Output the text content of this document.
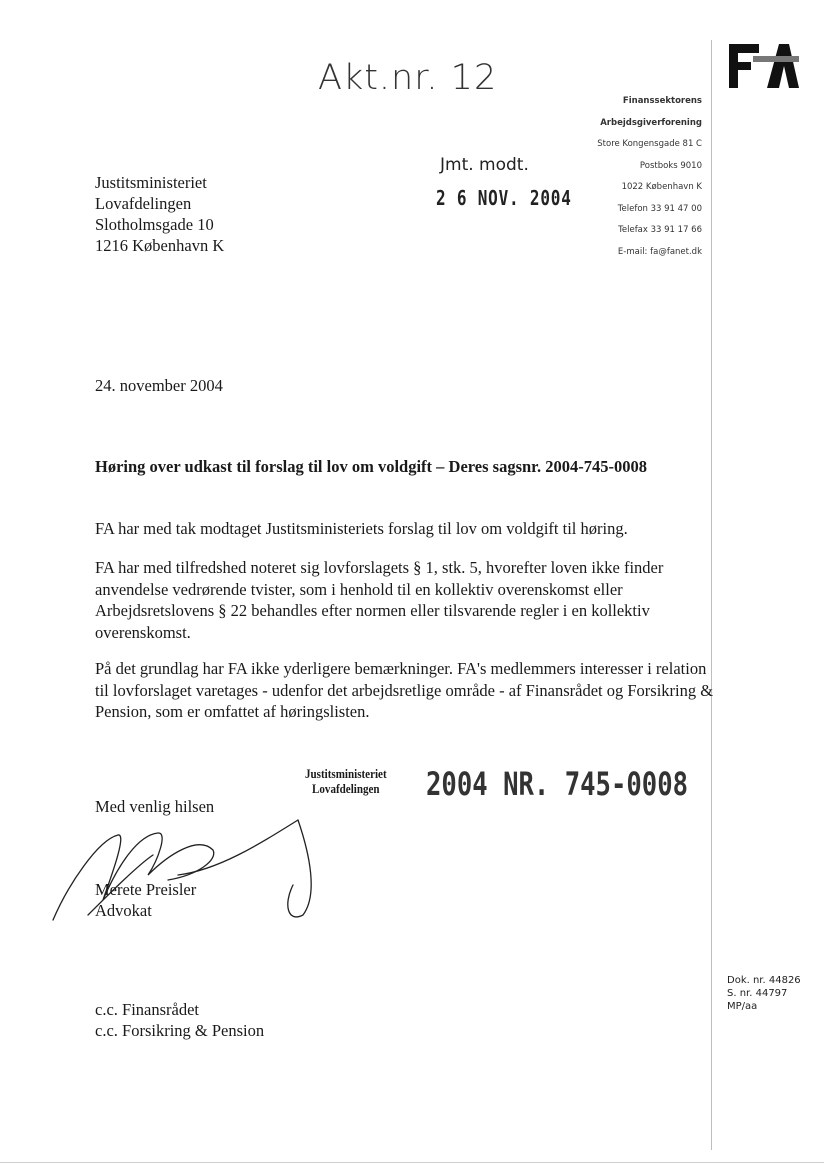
Akt.nr. 12
Jmt. modt.
2 6 NOV. 2004
Finanssektorens
Arbejdsgiverforening
Store Kongensgade 81 C
Postboks 9010
1022 København K
Telefon 33 91 47 00
Telefax 33 91 17 66
E-mail: fa@fanet.dk
Justitsministeriet
Lovafdelingen
Slotholmsgade 10
1216 København K
24. november 2004
Høring over udkast til forslag til lov om voldgift – Deres sagsnr. 2004-745-0008
FA har med tak modtaget Justitsministeriets forslag til lov om voldgift til høring.
FA har med tilfredshed noteret sig lovforslagets § 1, stk. 5, hvorefter loven ikke finder anvendelse vedrørende tvister, som i henhold til en kollektiv overenskomst eller Arbejdsretslovens § 22 behandles efter normen eller tilsvarende regler i en kollektiv overenskomst.
På det grundlag har FA ikke yderligere bemærkninger. FA's medlemmers interesser i relation til lovforslaget varetages - udenfor det arbejdsretlige område - af Finansrådet og Forsikring & Pension, som er omfattet af høringslisten.
Justitsministeriet
Lovafdelingen 2004 NR. 745-0008
Med venlig hilsen
Merete Preisler
Advokat
c.c. Finansrådet
c.c. Forsikring & Pension
Dok. nr. 44826
S. nr. 44797
MP/aa
